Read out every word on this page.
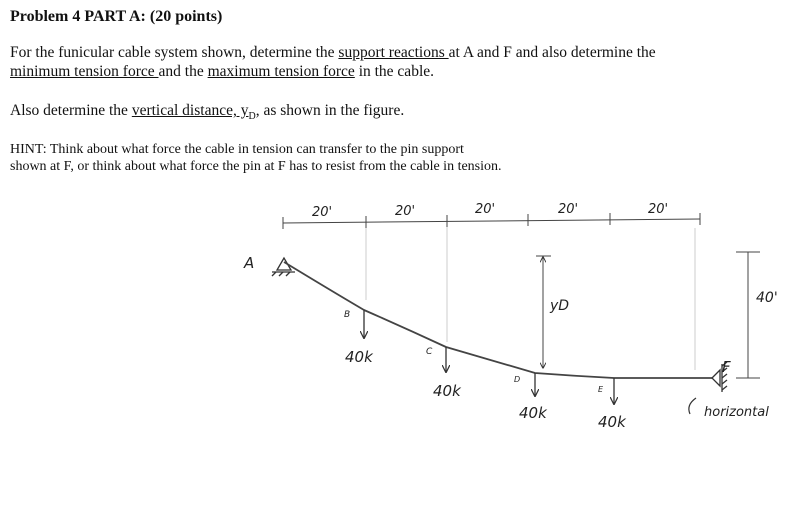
Problem 4 PART A: (20 points)
For the funicular cable system shown, determine the support reactions at A and F and also determine the
minimum tension force and the maximum tension force in the cable.
Also determine the vertical distance, $y_D$, as shown in the figure.
HINT: Think about what force the cable in tension can transfer to the pin support
shown at F, or think about what force the pin at F has to resist from the cable in tension.
20'	20'	20'	20'	20'
A
B
C
D
E
40k
40k
40k	40k
yD
F
40'
horizontal
